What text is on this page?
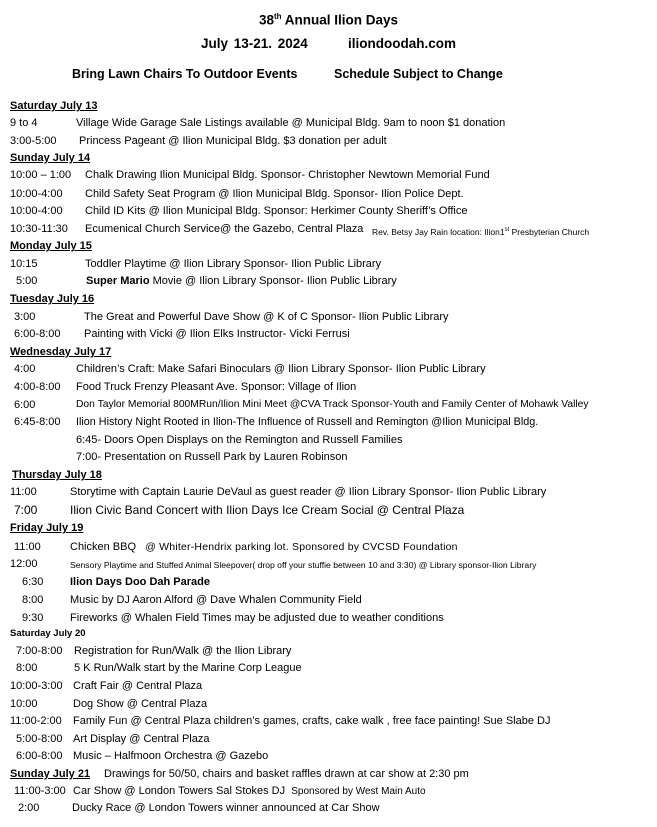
38th Annual Ilion Days
July 13-21. 2024	iliondoodah.com
Bring Lawn Chairs To Outdoor Events	Schedule Subject to Change
Saturday July 13
9 to 4	Village Wide Garage Sale Listings available @ Municipal Bldg. 9am to noon $1 donation
3:00-5:00 Princess Pageant @ Ilion Municipal Bldg. $3 donation per adult
Sunday July 14
10:00 – 1:00 Chalk Drawing Ilion Municipal Bldg. Sponsor- Christopher Newtown Memorial Fund
10:00-4:00 Child Safety Seat Program @ Ilion Municipal Bldg. Sponsor- Ilion Police Dept.
10:00-4:00 Child ID Kits @ Ilion Municipal Bldg. Sponsor: Herkimer County Sheriff’s Office
10:30-11:30 Ecumenical Church Service@ the Gazebo, Central Plaza Rev. Betsy Jay Rain location: Ilion1st Presbyterian Church
Monday July 15
10:15	Toddler Playtime @ Ilion Library Sponsor- Ilion Public Library
5:00	Super Mario Movie @ Ilion Library Sponsor- Ilion Public Library
Tuesday July 16
3:00	The Great and Powerful Dave Show @ K of C Sponsor- Ilion Public Library
6:00-8:00 Painting with Vicki @ Ilion Elks Instructor- Vicki Ferrusi
Wednesday July 17
4:00	Children’s Craft: Make Safari Binoculars @ Ilion Library Sponsor- Ilion Public Library
4:00-8:00 Food Truck Frenzy Pleasant Ave. Sponsor: Village of Ilion
6:00	Don Taylor Memorial 800MRun/Ilion Mini Meet @CVA Track Sponsor-Youth and Family Center of Mohawk Valley
6:45-8:00 Ilion History Night Rooted in Ilion-The Influence of Russell and Remington @Ilion Municipal Bldg.
6:45- Doors Open Displays on the Remington and Russell Families
7:00- Presentation on Russell Park by Lauren Robinson
Thursday July 18
11:00	Storytime with Captain Laurie DeVaul as guest reader @ Ilion Library Sponsor- Ilion Public Library
7:00	Ilion Civic Band Concert with Ilion Days Ice Cream Social @ Central Plaza
Friday July 19
11:00	Chicken BBQ @ Whiter-Hendrix parking lot. Sponsored by CVCSD Foundation
12:00	Sensory Playtime and Stuffed Animal Sleepover( drop off your stuffie between 10 and 3:30) @ Library sponsor-Ilion Library
6:30 Ilion Days Doo Dah Parade
8:00 Music by DJ Aaron Alford @ Dave Whalen Community Field
9:30 Fireworks @ Whalen Field Times may be adjusted due to weather conditions
Saturday July 20
7:00-8:00 Registration for Run/Walk @ the Ilion Library
8:00	5 K Run/Walk start by the Marine Corp League
10:00-3:00 Craft Fair @ Central Plaza
10:00	Dog Show @ Central Plaza
11:00-2:00 Family Fun @ Central Plaza children’s games, crafts, cake walk , free face painting! Sue Slabe DJ
5:00-8:00 Art Display @ Central Plaza
6:00-8:00 Music – Halfmoon Orchestra @ Gazebo
Sunday July 21 Drawings for 50/50, chairs and basket raffles drawn at car show at 2:30 pm
11:00-3:00 Car Show @ London Towers Sal Stokes DJ Sponsored by West Main Auto
2:00	Ducky Race @ London Towers winner announced at Car Show
